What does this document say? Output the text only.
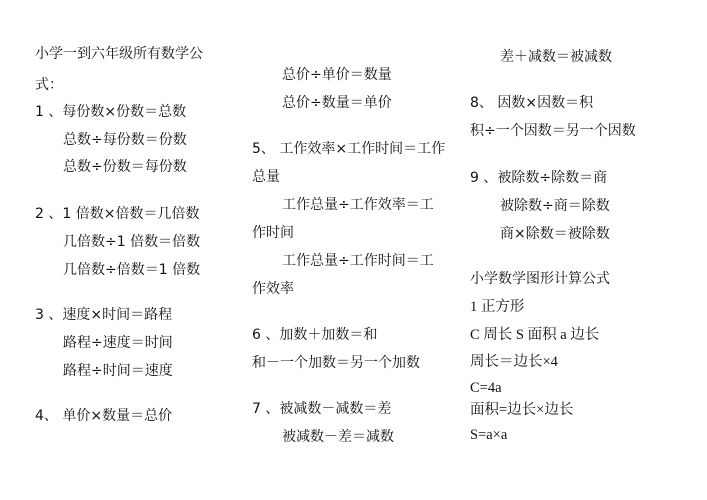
小学一到六年级所有数学公
式：
1 、每份数×份数＝总数
总数÷每份数＝份数
总数÷份数＝每份数
2 、1 倍数×倍数＝几倍数
几倍数÷1 倍数＝倍数
几倍数÷倍数＝1 倍数
3 、速度×时间＝路程
路程÷速度＝时间
路程÷时间＝速度
4、 单价×数量＝总价
总价÷单价＝数量
总价÷数量＝单价
5、 工作效率×工作时间＝工作
总量
工作总量÷工作效率＝工
作时间
工作总量÷工作时间＝工
作效率
6 、加数＋加数＝和
和－一个加数＝另一个加数
7 、被减数－减数＝差
被减数－差＝减数
差＋减数＝被减数
8、 因数×因数＝积
积÷一个因数＝另一个因数
9 、被除数÷除数＝商
被除数÷商＝除数
商×除数＝被除数
小学数学图形计算公式
1 正方形
C 周长 S 面积 a 边长
周长＝边长×4
C=4a
面积=边长×边长
S=a×a
